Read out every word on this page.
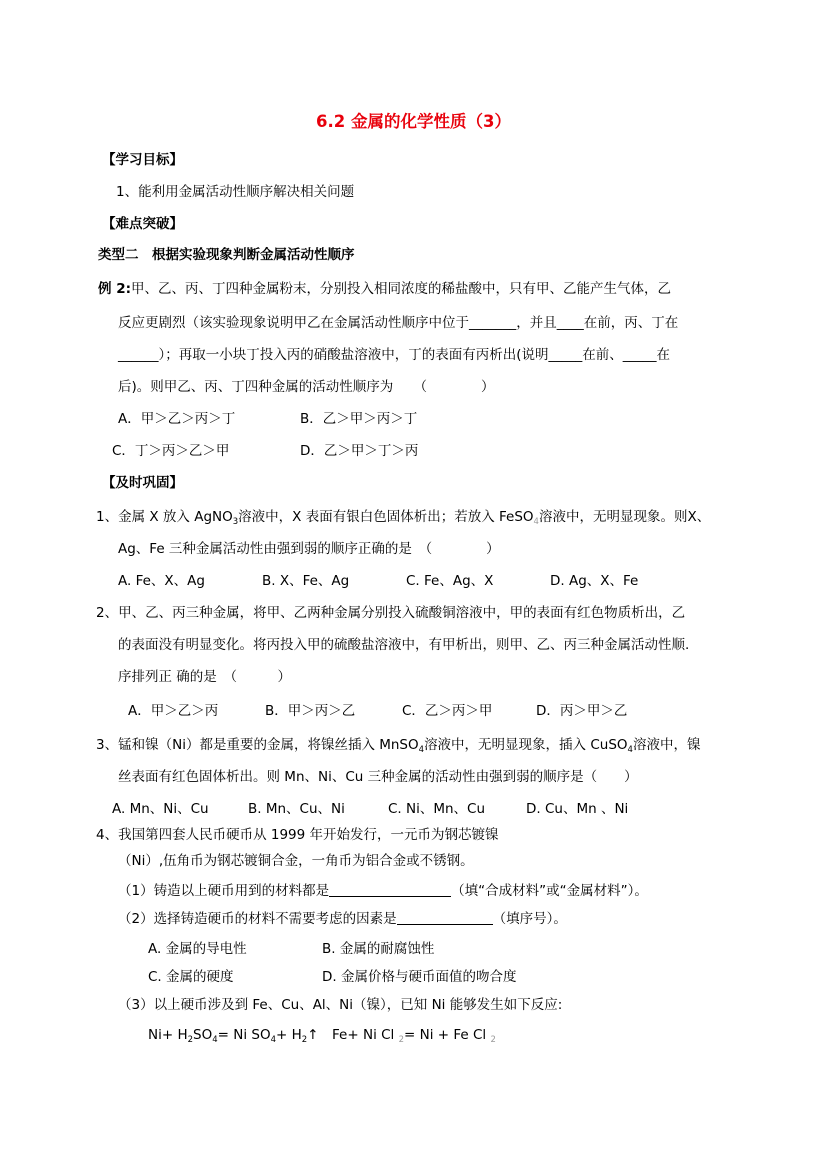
6.2 金属的化学性质（3）
【学习目标】
1、能利用金属活动性顺序解决相关问题
【难点突破】
类型二　根据实验现象判断金属活动性顺序
例 2:甲、乙、丙、丁四种金属粉末，分别投入相同浓度的稀盐酸中，只有甲、乙能产生气体，乙
反应更剧烈（该实验现象说明甲乙在金属活动性顺序中位于_______，并且____在前，丙、丁在
______）；再取一小块丁投入丙的硝酸盐溶液中，丁的表面有丙析出(说明_____在前、_____在
后)。则甲乙、丙、丁四种金属的活动性顺序为　　（　　　　）
A．甲＞乙＞丙＞丁	B．乙＞甲＞丙＞丁
C．丁＞丙＞乙＞甲	D．乙＞甲＞丁＞丙
【及时巩固】
1、金属 X 放入 AgNO$_3$溶液中，X 表面有银白色固体析出；若放入 FeSO$_4$溶液中，无明显现象。则X、
Ag、Fe 三种金属活动性由强到弱的顺序正确的是　（　　　　）
A. Fe、X、Ag	B. X、Fe、Ag	C. Fe、Ag、X	D. Ag、X、Fe
2、甲、乙、丙三种金属，将甲、乙两种金属分别投入硫酸铜溶液中，甲的表面有红色物质析出，乙
的表面没有明显变化。将丙投入甲的硫酸盐溶液中，有甲析出，则甲、乙、丙三种金属活动性顺.
序排列正 确的是　（　　　）
A．甲＞乙＞丙	B．甲＞丙＞乙	C．乙＞丙＞甲	D．丙＞甲＞乙
3、锰和镍（Ni）都是重要的金属，将镍丝插入 MnSO$_4$溶液中，无明显现象，插入 CuSO$_4$溶液中，镍
丝表面有红色固体析出。则 Mn、Ni、Cu 三种金属的活动性由强到弱的顺序是（　　）
A. Mn、Ni、Cu	B. Mn、Cu、Ni	C. Ni、Mn、Cu	D. Cu、Mn 、Ni
4、我国第四套人民币硬币从 1999 年开始发行，一元币为钢芯镀镍
（Ni）,伍角币为钢芯镀铜合金，一角币为铝合金或不锈钢。
（1）铸造以上硬币用到的材料都是	（填“合成材料”或“金属材料”）。
（2）选择铸造硬币的材料不需要考虑的因素是	（填序号）。
A. 金属的导电性	B. 金属的耐腐蚀性
C. 金属的硬度	D. 金属价格与硬币面值的吻合度
（3）以上硬币涉及到 Fe、Cu、Al、Ni（镍），已知 Ni 能够发生如下反应:
$Ni+ H_2SO_4= Ni$ $SO_4+$ $H_2↑$　Fe+ Ni Cl $_2$= Ni + Fe Cl $_2$
